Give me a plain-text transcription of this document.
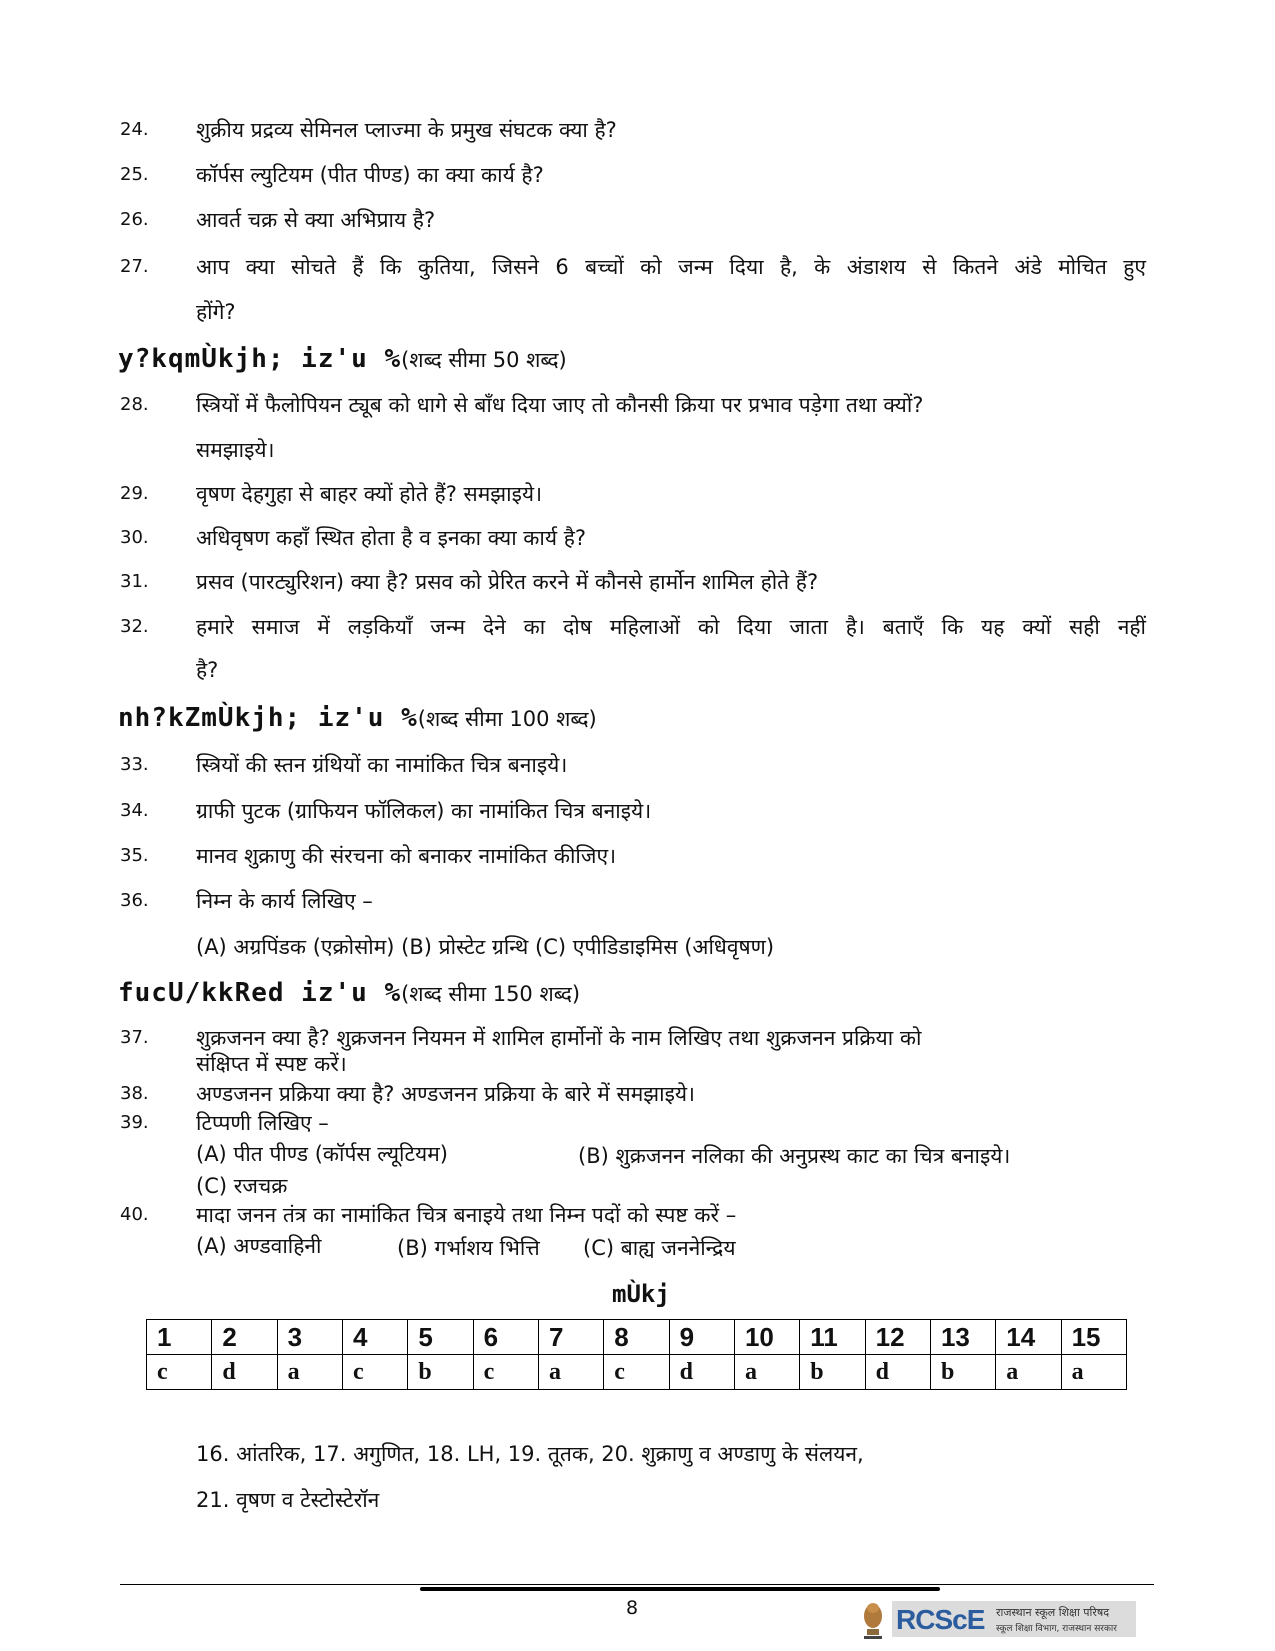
24. शुक्रीय प्रद्रव्य सेमिनल प्लाज्मा के प्रमुख संघटक क्या है?
25. कॉर्पस ल्युटियम (पीत पीण्ड) का क्या कार्य है?
26. आवर्त चक्र से क्या अभिप्राय है?
27. आप क्या सोचते हैं कि कुतिया, जिसने 6 बच्चों को जन्म दिया है, के अंडाशय से कितने अंडे मोचित हुए
होंगे?
y?kqmÙkjh; iz'u %(शब्द सीमा 50 शब्द)
28. स्त्रियों में फैलोपियन ट्यूब को धागे से बाँध दिया जाए तो कौनसी क्रिया पर प्रभाव पड़ेगा तथा क्यों?
समझाइये।
29. वृषण देहगुहा से बाहर क्यों होते हैं? समझाइये।
30. अधिवृषण कहाँ स्थित होता है व इनका क्या कार्य है?
31. प्रसव (पारट्युरिशन) क्या है? प्रसव को प्रेरित करने में कौनसे हार्मोन शामिल होते हैं?
32. हमारे समाज में लड़कियाँ जन्म देने का दोष महिलाओं को दिया जाता है। बताएँ कि यह क्यों सही नहीं
है?
nh?kZmÙkjh; iz'u %(शब्द सीमा 100 शब्द)
33. स्त्रियों की स्तन ग्रंथियों का नामांकित चित्र बनाइये।
34. ग्राफी पुटक (ग्राफियन फॉलिकल) का नामांकित चित्र बनाइये।
35. मानव शुक्राणु की संरचना को बनाकर नामांकित कीजिए।
36. निम्न के कार्य लिखिए –
(A) अग्रपिंडक (एक्रोसोम) (B) प्रोस्टेट ग्रन्थि (C) एपीडिडाइमिस (अधिवृषण)
fucU/kkRed iz'u %(शब्द सीमा 150 शब्द)
37. शुक्रजनन क्या है? शुक्रजनन नियमन में शामिल हार्मोनों के नाम लिखिए तथा शुक्रजनन प्रक्रिया को
संक्षिप्त में स्पष्ट करें।
38. अण्डजनन प्रक्रिया क्या है? अण्डजनन प्रक्रिया के बारे में समझाइये।
39. टिप्पणी लिखिए –
(A) पीत पीण्ड (कॉर्पस ल्यूटियम)	(B) शुक्रजनन नलिका की अनुप्रस्थ काट का चित्र बनाइये।
(C) रजचक्र
40. मादा जनन तंत्र का नामांकित चित्र बनाइये तथा निम्न पदों को स्पष्ट करें –
(A) अण्डवाहिनी	(B) गर्भाशय भित्ति (C) बाह्य जननेन्द्रिय
mÙkj
1	2	3	4	5	6	7	8	9	10	11	12	13	14	15
c	d	a	c	b	c	a	c	d	a	b	d	b	a	a
16. आंतरिक, 17. अगुणित, 18. LH, 19. तूतक, 20. शुक्राणु व अण्डाणु के संलयन,
21. वृषण व टेस्टोस्टेरॉन
8	RCScE राजस्थान स्कूल शिक्षा परिषद
स्कूल शिक्षा विभाग, राजस्थान सरकार
